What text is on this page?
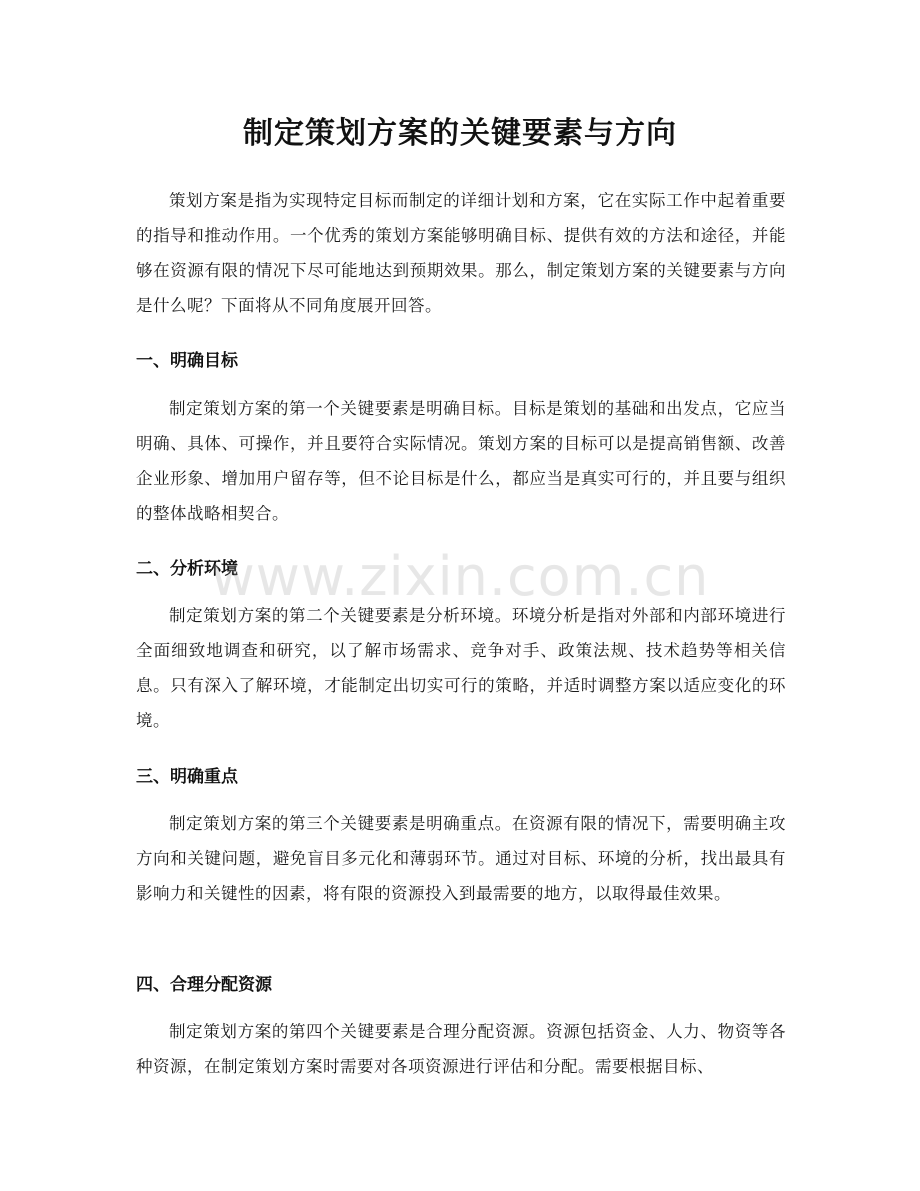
制定策划方案的关键要素与方向

策划方案是指为实现特定目标而制定的详细计划和方案，它在实际工作中起着重要的指导和推动作用。一个优秀的策划方案能够明确目标、提供有效的方法和途径，并能够在资源有限的情况下尽可能地达到预期效果。那么，制定策划方案的关键要素与方向是什么呢？下面将从不同角度展开回答。

一、明确目标

制定策划方案的第一个关键要素是明确目标。目标是策划的基础和出发点，它应当明确、具体、可操作，并且要符合实际情况。策划方案的目标可以是提高销售额、改善企业形象、增加用户留存等，但不论目标是什么，都应当是真实可行的，并且要与组织的整体战略相契合。

二、分析环境

制定策划方案的第二个关键要素是分析环境。环境分析是指对外部和内部环境进行全面细致地调查和研究，以了解市场需求、竞争对手、政策法规、技术趋势等相关信息。只有深入了解环境，才能制定出切实可行的策略，并适时调整方案以适应变化的环境。

三、明确重点

制定策划方案的第三个关键要素是明确重点。在资源有限的情况下，需要明确主攻方向和关键问题，避免盲目多元化和薄弱环节。通过对目标、环境的分析，找出最具有影响力和关键性的因素，将有限的资源投入到最需要的地方，以取得最佳效果。

四、合理分配资源

制定策划方案的第四个关键要素是合理分配资源。资源包括资金、人力、物资等各种资源，在制定策划方案时需要对各项资源进行评估和分配。需要根据目标、

www.zixin.com.cn
